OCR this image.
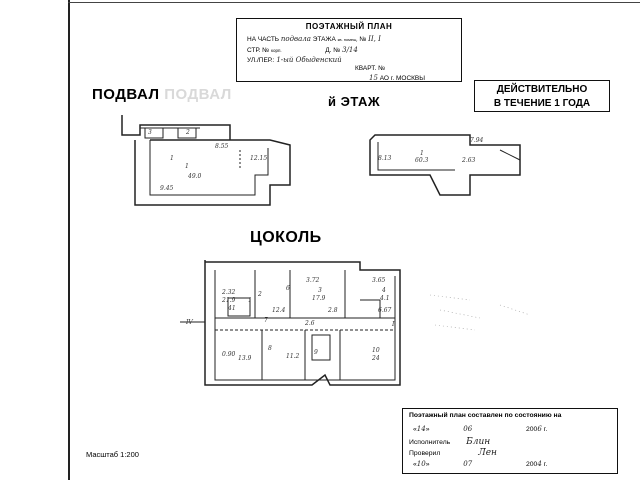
ПОЭТАЖНЫЙ ПЛАН
НА ЧАСТЬ подвала ЭТАЖА кв. помещ. № ІІ, І
СТР. № корп.	Д. № 3/14
УЛ./ПЕР.: 1-ый Обыденский
КВАРТ. №
15 АО г. МОСКВЫ
ДЕЙСТВИТЕЛЬНО
В ТЕЧЕНИЕ 1 ГОДА
ПОДВАЛ ПОДВАЛ	й ЭТАЖ
ЦОКОЛЬ
3	2
1
8.55
1
49.0
12.15
9.45
1
60.3
7.94
8.13	2.63
3.72	3.65
6
2.32	2
3	4
17.9
21.9 1
2.8
41
4.1
7
12.4
2.6
6.67
0.90
8
9	10
13.9	11.2	24
IV	I
Масштаб 1:200
Поэтажный план составлен по состоянию на
«14»	06	2006 г.
Исполнитель Блин
Проверил	Лен
«10»	07	2004 г.
